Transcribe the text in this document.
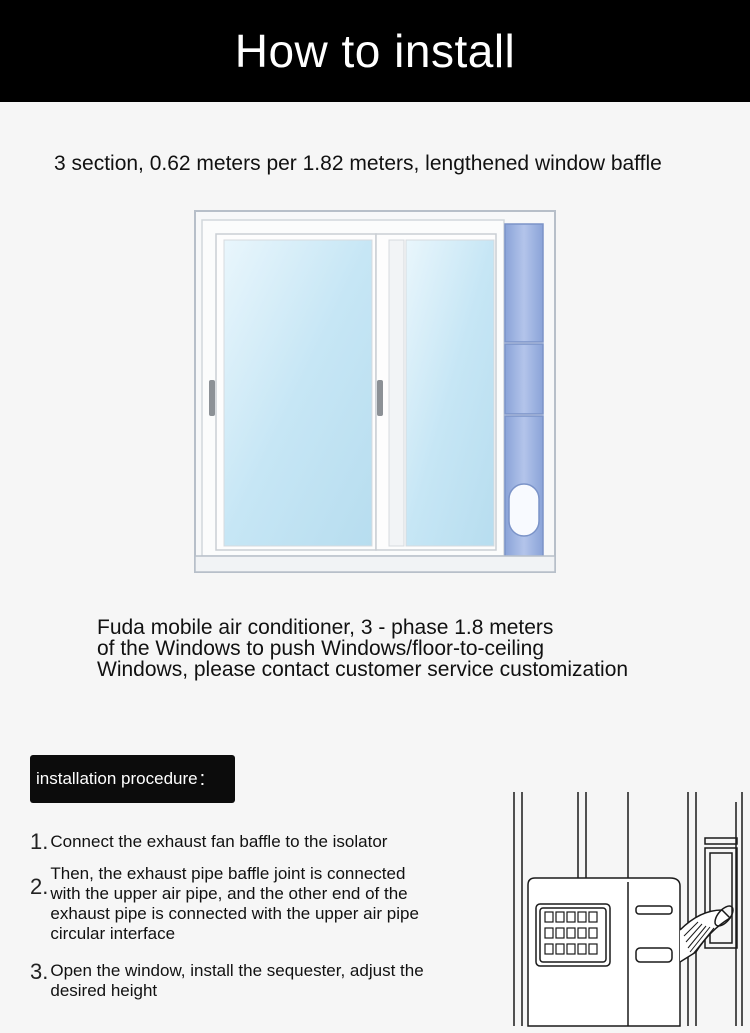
How to install
3 section, 0.62 meters per 1.82 meters, lengthened window baffle
Fuda mobile air conditioner, 3 - phase 1.8 meters
of the Windows to push Windows/floor-to-ceiling
Windows, please contact customer service customization
installation procedure :
1. Connect the exhaust fan baffle to the isolator
2.
Then, the exhaust pipe baffle joint is connected
with the upper air pipe, and the other end of the
exhaust pipe is connected with the upper air pipe
circular interface
3. Open the window, install the sequester, adjust the
desired height
